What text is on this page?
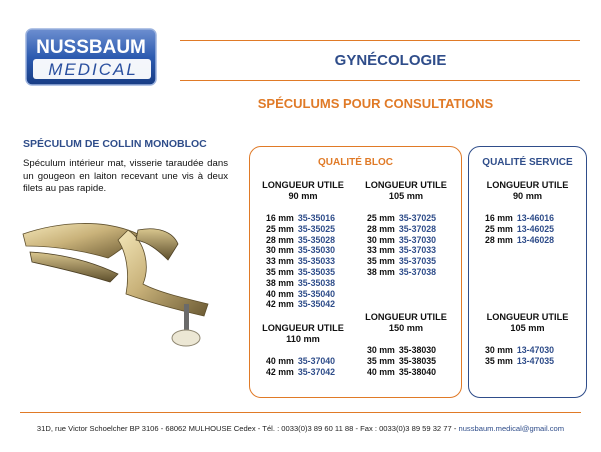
NUSSBAUM
MEDICAL	GYNÉCOLOGIE
SPÉCULUMS POUR CONSULTATIONS
SPÉCULUM DE COLLIN MONOBLOC
Spéculum intérieur mat, visserie taraudée dans un gougeon en laiton recevant une vis à deux filets au pas rapide.
QUALITÉ BLOC
LONGUEUR UTILE
90 mm
16 mm 35-35016
25 mm 35-35025
28 mm 35-35028
30 mm 35-35030
33 mm 35-35033
35 mm 35-35035
38 mm 35-35038
40 mm 35-35040
42 mm 35-35042
LONGUEUR UTILE
105 mm
25 mm 35-37025
28 mm 35-37028
30 mm 35-37030
33 mm 35-37033
35 mm 35-37035
38 mm 35-37038
LONGUEUR UTILE
110 mm
40 mm 35-37040
42 mm 35-37042
LONGUEUR UTILE
150 mm
30 mm 35-38030
35 mm 35-38035
40 mm 35-38040
QUALITÉ SERVICE
LONGUEUR UTILE
90 mm
16 mm 13-46016
25 mm 13-46025
28 mm 13-46028
LONGUEUR UTILE
105 mm
30 mm 13-47030
35 mm 13-47035
31D, rue Victor Schoelcher BP 3106 - 68062 MULHOUSE Cedex - Tél. : 0033(0)3 89 60 11 88 - Fax : 0033(0)3 89 59 32 77 - nussbaum.medical@gmail.com
